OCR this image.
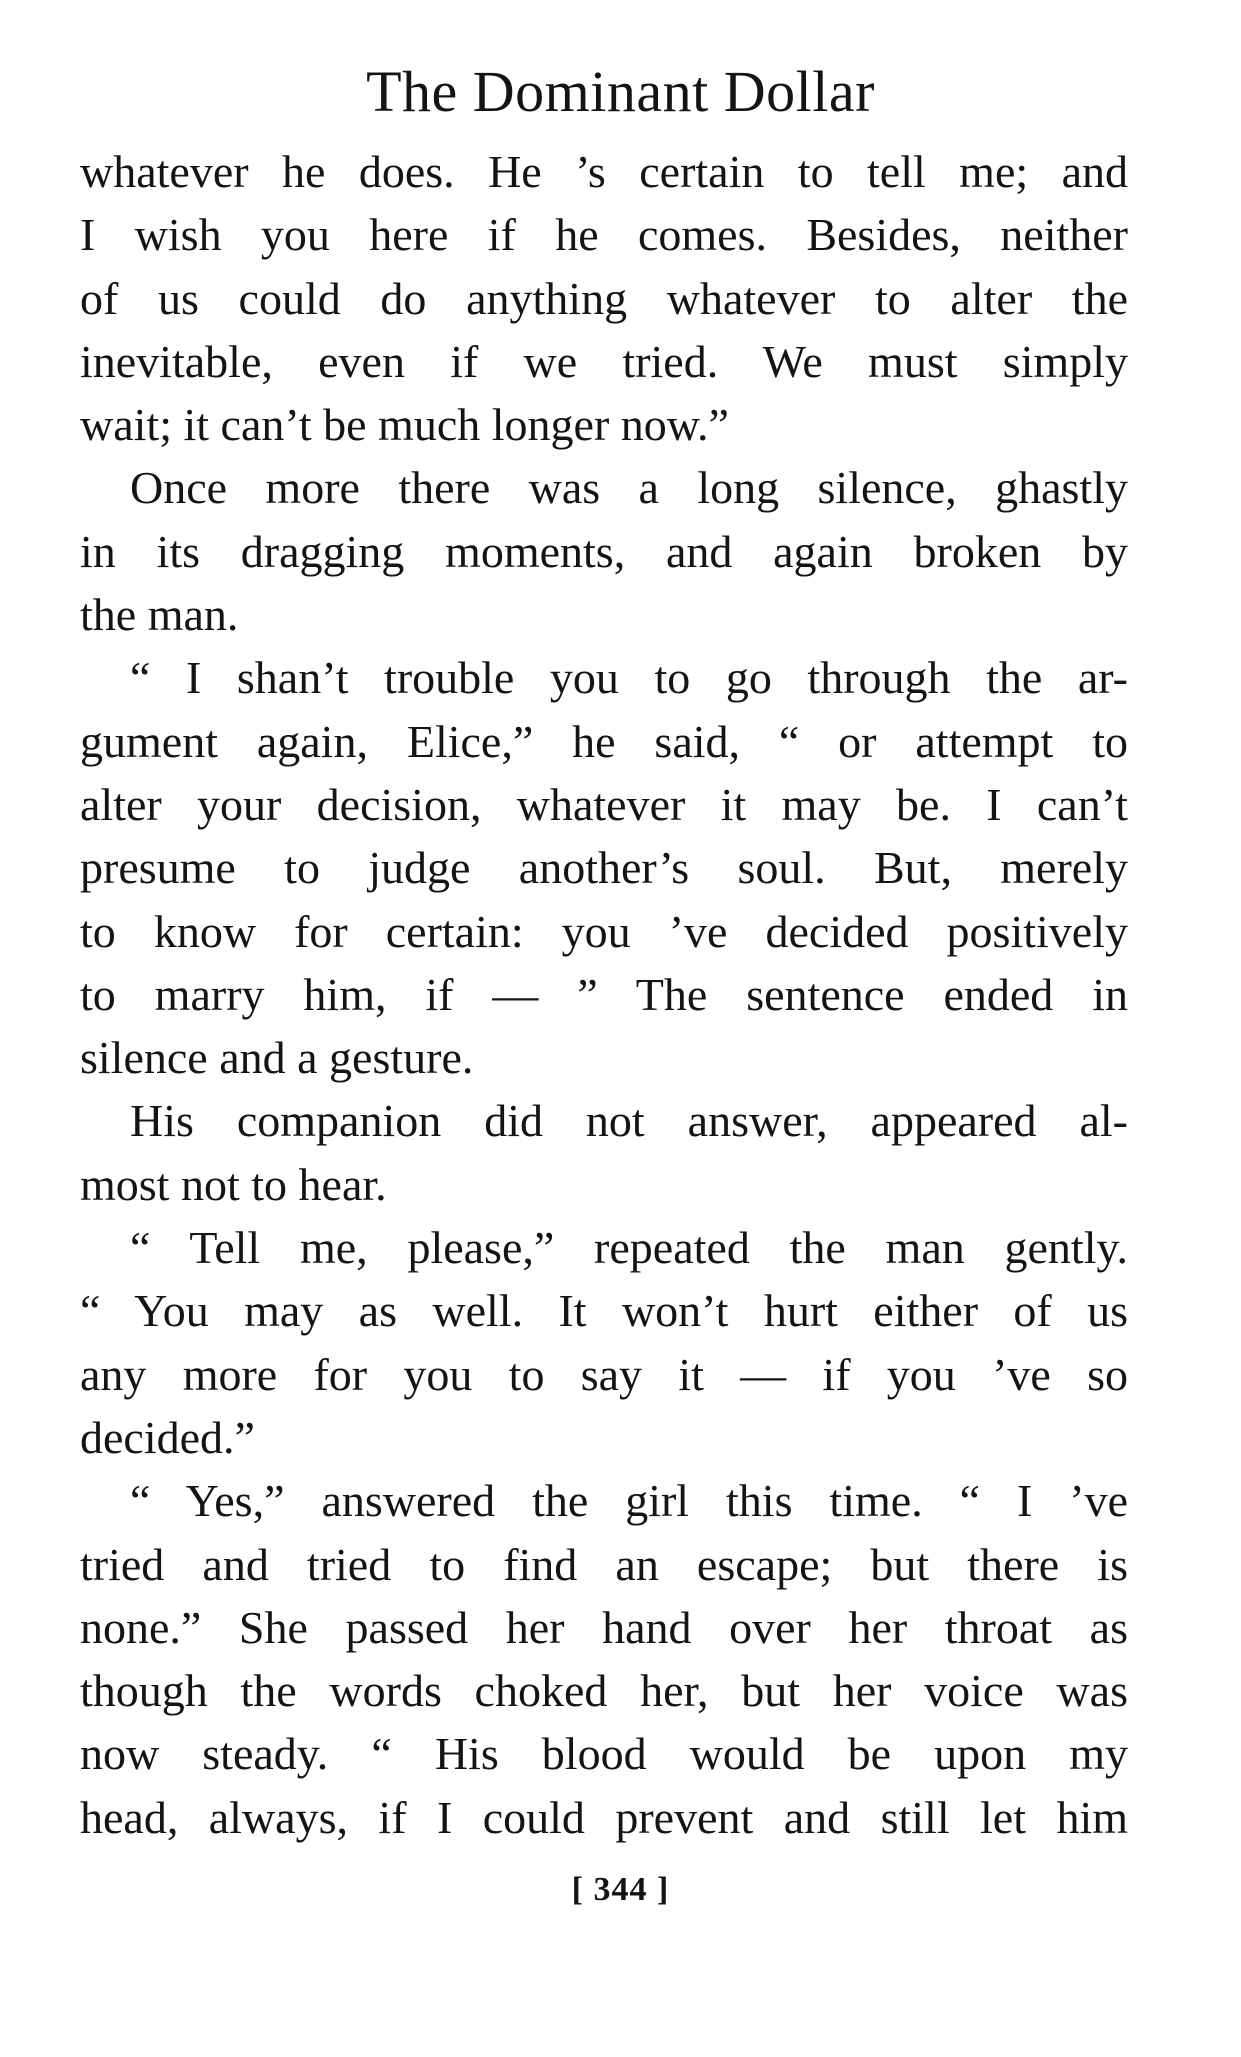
The Dominant Dollar
whatever he does. He ’s certain to tell me; and
I wish you here if he comes. Besides, neither
of us could do anything whatever to alter the
inevitable, even if we tried. We must simply
wait; it can’t be much longer now.”
Once more there was a long silence, ghastly
in its dragging moments, and again broken by
the man.
“ I shan’t trouble you to go through the ar-
gument again, Elice,” he said, “ or attempt to
alter your decision, whatever it may be. I can’t
presume to judge another’s soul. But, merely
to know for certain: you ’ve decided positively
to marry him, if — ” The sentence ended in
silence and a gesture.
His companion did not answer, appeared al-
most not to hear.
“ Tell me, please,” repeated the man gently.
“ You may as well. It won’t hurt either of us
any more for you to say it — if you ’ve so
decided.”
“ Yes,” answered the girl this time. “ I ’ve
tried and tried to find an escape; but there is
none.” She passed her hand over her throat as
though the words choked her, but her voice was
now steady. “ His blood would be upon my
head, always, if I could prevent and still let him
[ 344 ]
